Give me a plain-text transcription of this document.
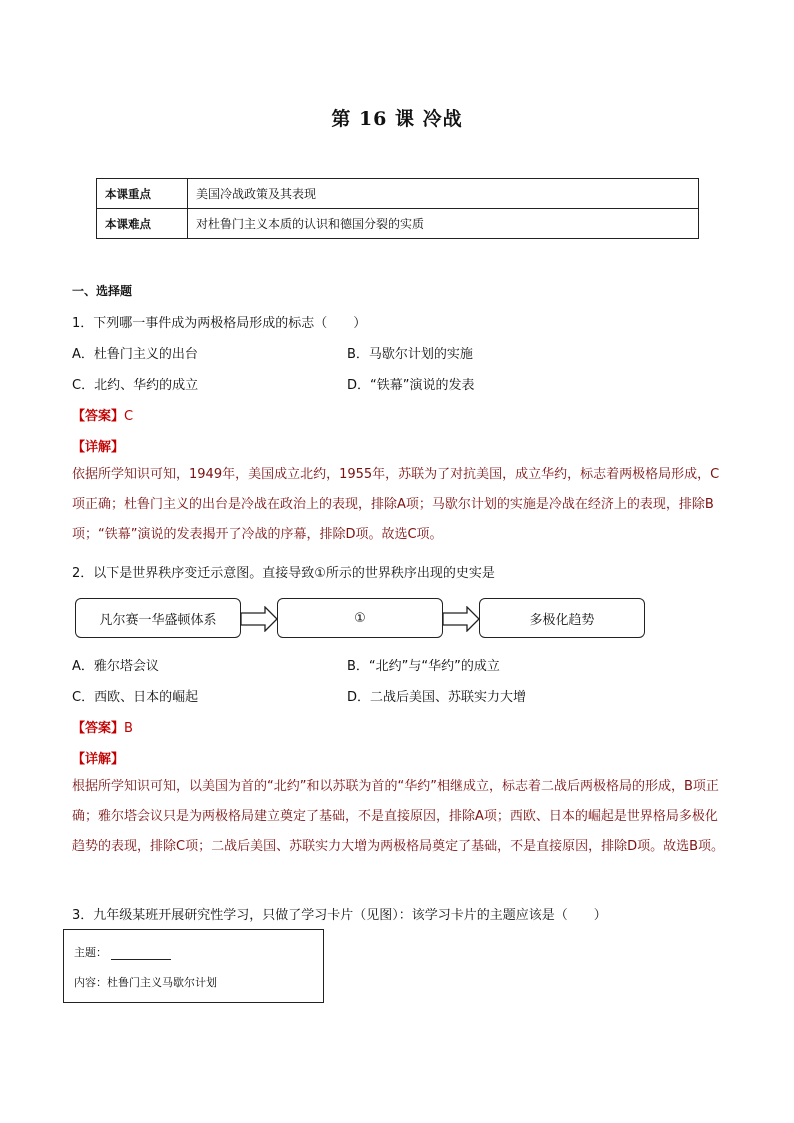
第 16 课 冷战
本课重点	美国冷战政策及其表现
本课难点	对杜鲁门主义本质的认识和德国分裂的实质
一、选择题
1．下列哪一事件成为两极格局形成的标志（　　）
A．杜鲁门主义的出台	B．马歇尔计划的实施
C．北约、华约的成立	D．“铁幕”演说的发表
【答案】C
【详解】
依据所学知识可知，1949年，美国成立北约，1955年，苏联为了对抗美国，成立华约，标志着两极格局形成，C项正确；杜鲁门主义的出台是冷战在政治上的表现，排除A项；马歇尔计划的实施是冷战在经济上的表现，排除B项；“铁幕”演说的发表揭开了冷战的序幕，排除D项。故选C项。
2．以下是世界秩序变迁示意图。直接导致①所示的世界秩序出现的史实是
凡尔赛一华盛顿体系	①	多极化趋势
A．雅尔塔会议	B．“北约”与“华约”的成立
C．西欧、日本的崛起	D．二战后美国、苏联实力大增
【答案】B
【详解】
根据所学知识可知，以美国为首的“北约”和以苏联为首的“华约”相继成立，标志着二战后两极格局的形成，B项正确；雅尔塔会议只是为两极格局建立奠定了基础，不是直接原因，排除A项；西欧、日本的崛起是世界格局多极化趋势的表现，排除C项；二战后美国、苏联实力大增为两极格局奠定了基础，不是直接原因，排除D项。故选B项。
3．九年级某班开展研究性学习，只做了学习卡片（见图）：该学习卡片的主题应该是（　　）
主题：
内容：杜鲁门主义马歇尔计划
